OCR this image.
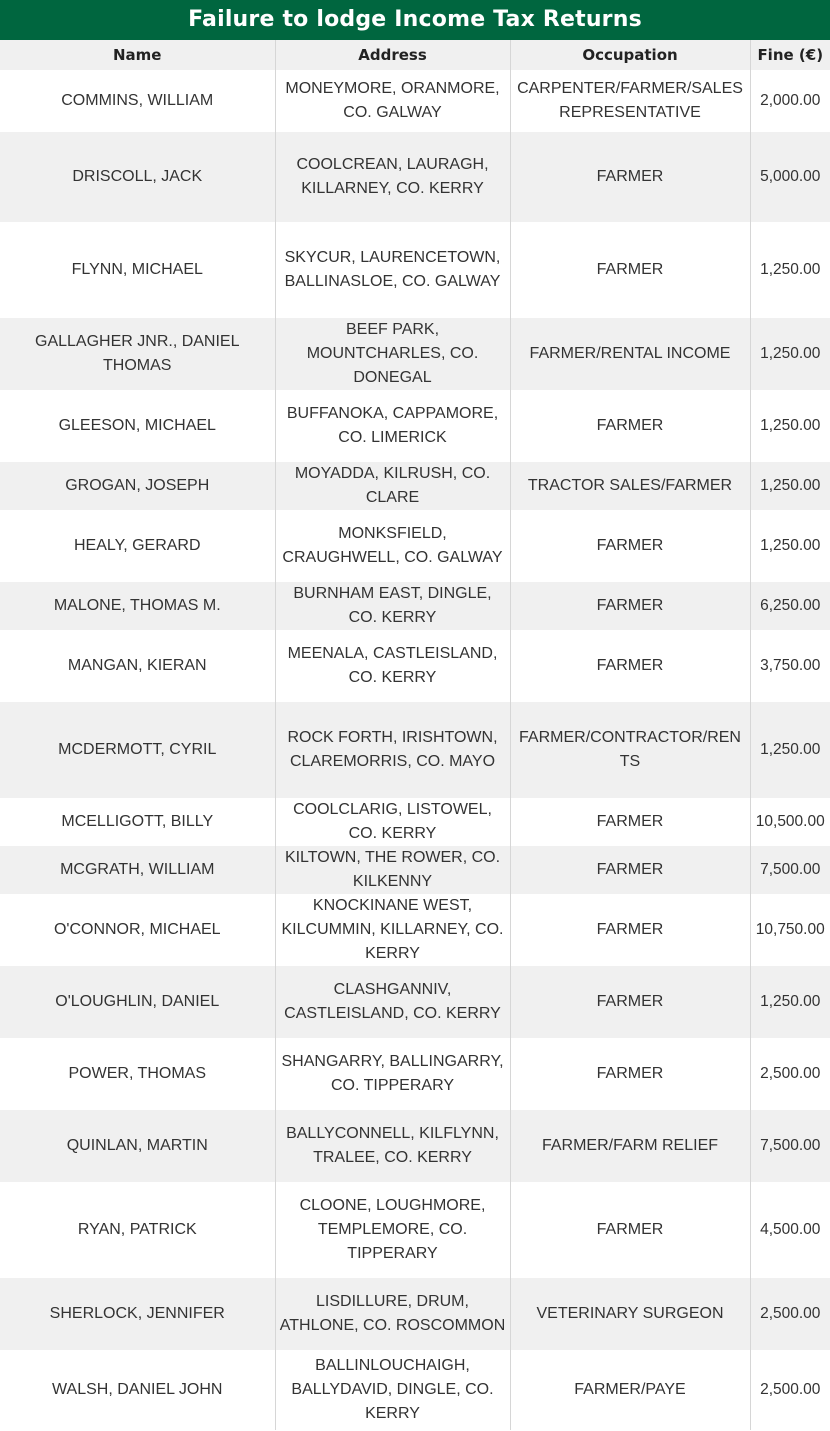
Failure to lodge Income Tax Returns
Name	Address	Occupation	Fine (€)
COMMINS, WILLIAM	MONEYMORE, ORANMORE, CO. GALWAY	CARPENTER/FARMER/SALES REPRESENTATIVE	2,000.00
DRISCOLL, JACK	COOLCREAN, LAURAGH, KILLARNEY, CO. KERRY	FARMER	5,000.00
FLYNN, MICHAEL	SKYCUR, LAURENCETOWN, BALLINASLOE, CO. GALWAY	FARMER	1,250.00
GALLAGHER JNR., DANIEL THOMAS	BEEF PARK, MOUNTCHARLES, CO. DONEGAL	FARMER/RENTAL INCOME	1,250.00
GLEESON, MICHAEL	BUFFANOKA, CAPPAMORE, CO. LIMERICK	FARMER	1,250.00
GROGAN, JOSEPH	MOYADDA, KILRUSH, CO. CLARE	TRACTOR SALES/FARMER	1,250.00
HEALY, GERARD	MONKSFIELD, CRAUGHWELL, CO. GALWAY	FARMER	1,250.00
MALONE, THOMAS M.	BURNHAM EAST, DINGLE, CO. KERRY	FARMER	6,250.00
MANGAN, KIERAN	MEENALA, CASTLEISLAND, CO. KERRY	FARMER	3,750.00
MCDERMOTT, CYRIL	ROCK FORTH, IRISHTOWN, CLAREMORRIS, CO. MAYO	FARMER/CONTRACTOR/RENTS	1,250.00
MCELLIGOTT, BILLY	COOLCLARIG, LISTOWEL, CO. KERRY	FARMER	10,500.00
MCGRATH, WILLIAM	KILTOWN, THE ROWER, CO. KILKENNY	FARMER	7,500.00
O'CONNOR, MICHAEL	KNOCKINANE WEST, KILCUMMIN, KILLARNEY, CO. KERRY	FARMER	10,750.00
O'LOUGHLIN, DANIEL	CLASHGANNIV, CASTLEISLAND, CO. KERRY	FARMER	1,250.00
POWER, THOMAS	SHANGARRY, BALLINGARRY, CO. TIPPERARY	FARMER	2,500.00
QUINLAN, MARTIN	BALLYCONNELL, KILFLYNN, TRALEE, CO. KERRY	FARMER/FARM RELIEF	7,500.00
RYAN, PATRICK	CLOONE, LOUGHMORE, TEMPLEMORE, CO. TIPPERARY	FARMER	4,500.00
SHERLOCK, JENNIFER	LISDILLURE, DRUM, ATHLONE, CO. ROSCOMMON	VETERINARY SURGEON	2,500.00
WALSH, DANIEL JOHN	BALLINLOUCHAIGH, BALLYDAVID, DINGLE, CO. KERRY	FARMER/PAYE	2,500.00
